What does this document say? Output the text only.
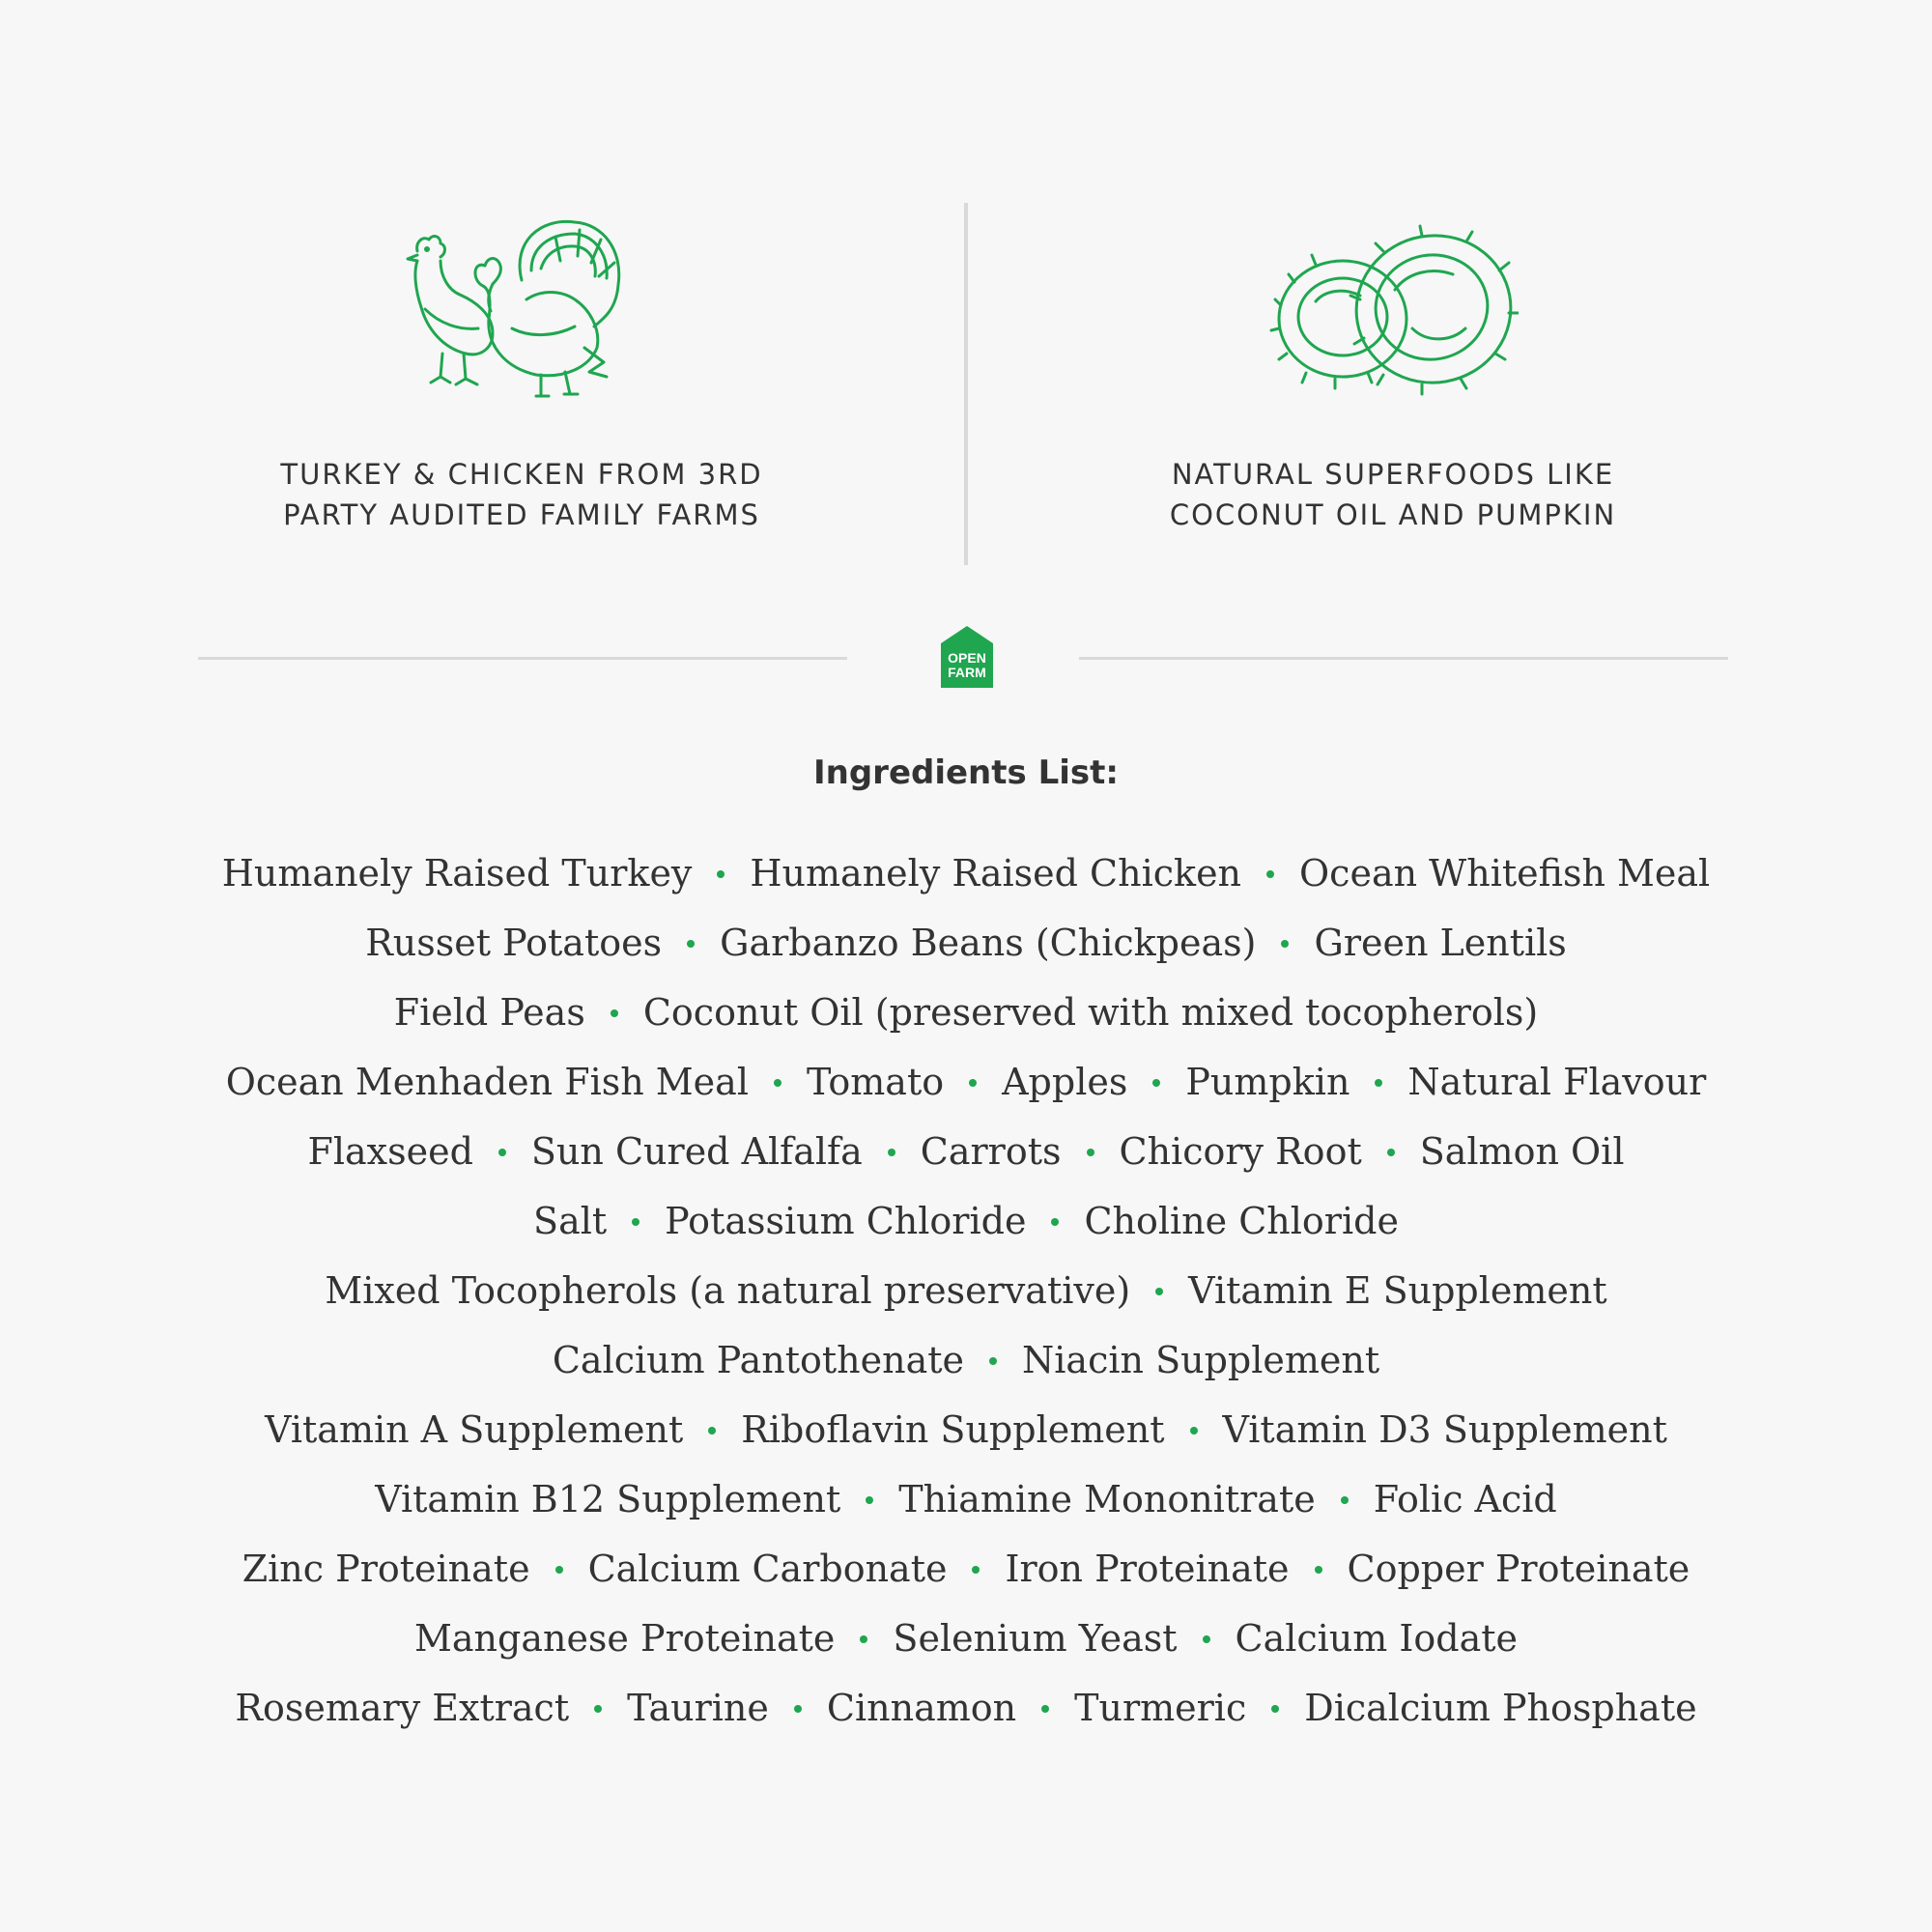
TURKEY & CHICKEN FROM 3RD
PARTY AUDITED FAMILY FARMS
NATURAL SUPERFOODS LIKE
COCONUT OIL AND PUMPKIN
OPEN
FARM
Ingredients List:
Humanely Raised Turkey Humanely Raised Chicken Ocean Whitefish Meal
Russet Potatoes Garbanzo Beans (Chickpeas) Green Lentils
Field Peas Coconut Oil (preserved with mixed tocopherols)
Ocean Menhaden Fish Meal Tomato Apples Pumpkin Natural Flavour
Flaxseed Sun Cured Alfalfa Carrots Chicory Root Salmon Oil
Salt Potassium Chloride Choline Chloride
Mixed Tocopherols (a natural preservative) Vitamin E Supplement
Calcium Pantothenate Niacin Supplement
Vitamin A Supplement Riboflavin Supplement Vitamin D3 Supplement
Vitamin B12 Supplement Thiamine Mononitrate Folic Acid
Zinc Proteinate Calcium Carbonate Iron Proteinate Copper Proteinate
Manganese Proteinate Selenium Yeast Calcium Iodate
Rosemary Extract Taurine Cinnamon Turmeric Dicalcium Phosphate
